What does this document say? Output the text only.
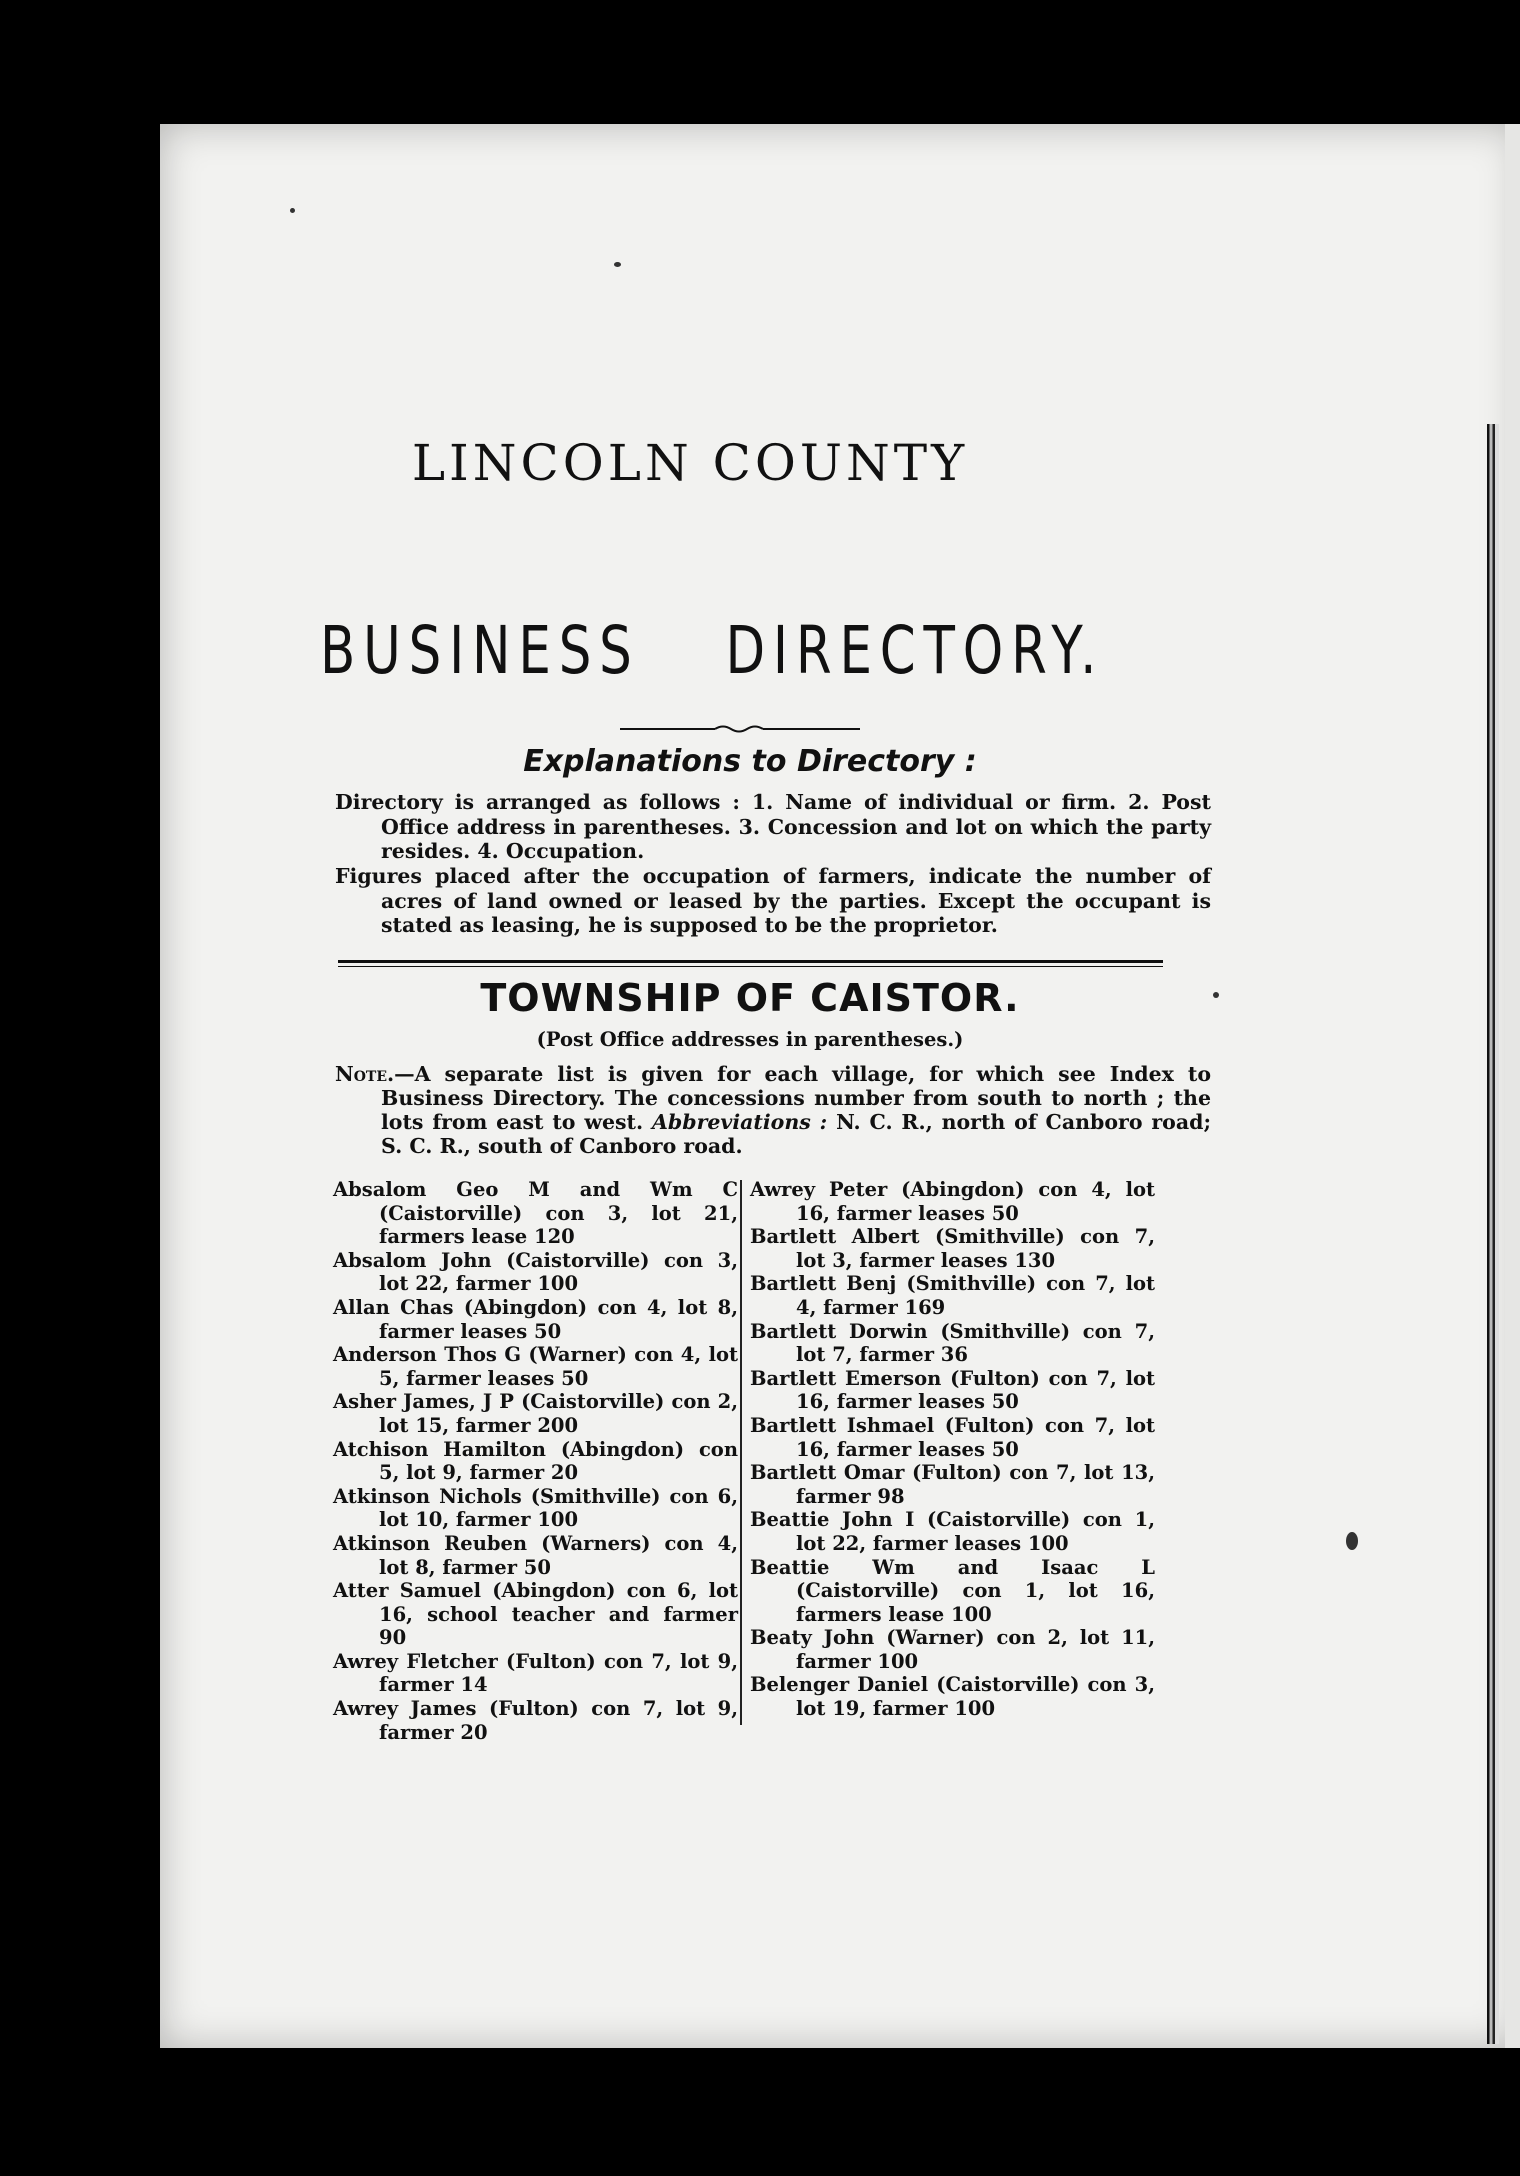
LINCOLN COUNTY
BUSINESS DIRECTORY.
Explanations to Directory :
Directory is arranged as follows : 1. Name of individual or firm. 2. Post Office address in parentheses. 3. Concession and lot on which the party resides. 4. Occupation.
Figures placed after the occupation of farmers, indicate the number of acres of land owned or leased by the parties. Except the occupant is stated as leasing, he is supposed to be the proprietor.
TOWNSHIP OF CAISTOR.
(Post Office addresses in parentheses.)
Note.—A separate list is given for each village, for which see Index to Business Directory. The concessions number from south to north ; the lots from east to west. Abbreviations : N. C. R., north of Canboro road; S. C. R., south of Canboro road.
Absalom Geo M and Wm C (Caistorville) con 3, lot 21, farmers lease 120
Absalom John (Caistorville) con 3, lot 22, farmer 100
Allan Chas (Abingdon) con 4, lot 8, farmer leases 50
Anderson Thos G (Warner) con 4, lot 5, farmer leases 50
Asher James, J P (Caistorville) con 2, lot 15, farmer 200
Atchison Hamilton (Abingdon) con 5, lot 9, farmer 20
Atkinson Nichols (Smithville) con 6, lot 10, farmer 100
Atkinson Reuben (Warners) con 4, lot 8, farmer 50
Atter Samuel (Abingdon) con 6, lot 16, school teacher and farmer 90
Awrey Fletcher (Fulton) con 7, lot 9, farmer 14
Awrey James (Fulton) con 7, lot 9, farmer 20
Awrey Peter (Abingdon) con 4, lot 16, farmer leases 50
Bartlett Albert (Smithville) con 7, lot 3, farmer leases 130
Bartlett Benj (Smithville) con 7, lot 4, farmer 169
Bartlett Dorwin (Smithville) con 7, lot 7, farmer 36
Bartlett Emerson (Fulton) con 7, lot 16, farmer leases 50
Bartlett Ishmael (Fulton) con 7, lot 16, farmer leases 50
Bartlett Omar (Fulton) con 7, lot 13, farmer 98
Beattie John I (Caistorville) con 1, lot 22, farmer leases 100
Beattie Wm and Isaac L (Caistorville) con 1, lot 16, farmers lease 100
Beaty John (Warner) con 2, lot 11, farmer 100
Belenger Daniel (Caistorville) con 3, lot 19, farmer 100
